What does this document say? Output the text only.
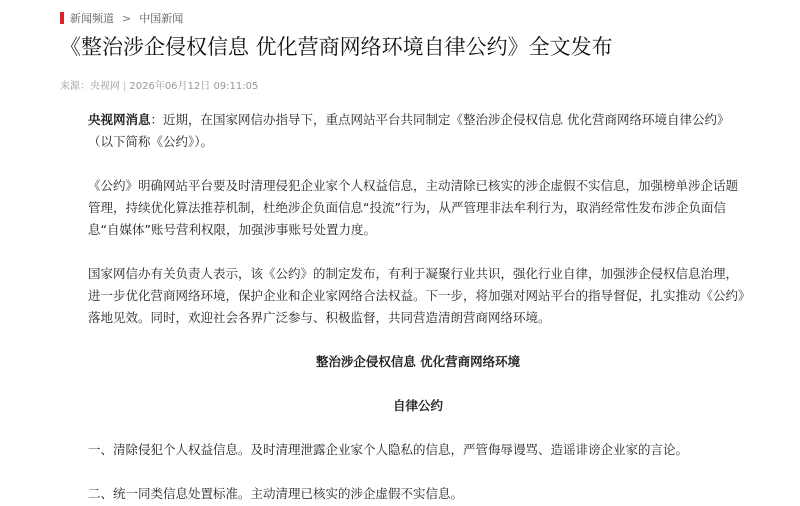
新闻频道 > 中国新闻
《整治涉企侵权信息 优化营商网络环境自律公约》全文发布
来源：央视网 | 2026年06月12日 09:11:05

央视网消息：近期，在国家网信办指导下，重点网站平台共同制定《整治涉企侵权信息 优化营商网络环境自律公约》（以下简称《公约》）。

《公约》明确网站平台要及时清理侵犯企业家个人权益信息，主动清除已核实的涉企虚假不实信息，加强榜单涉企话题管理，持续优化算法推荐机制，杜绝涉企负面信息“投流”行为，从严管理非法牟利行为，取消经常性发布涉企负面信息“自媒体”账号营利权限，加强涉事账号处置力度。

国家网信办有关负责人表示，该《公约》的制定发布，有利于凝聚行业共识，强化行业自律，加强涉企侵权信息治理，进一步优化营商网络环境，保护企业和企业家网络合法权益。下一步，将加强对网站平台的指导督促，扎实推动《公约》落地见效。同时，欢迎社会各界广泛参与、积极监督，共同营造清朗营商网络环境。

整治涉企侵权信息 优化营商网络环境

自律公约

一、清除侵犯个人权益信息。及时清理泄露企业家个人隐私的信息，严管侮辱谩骂、造谣诽谤企业家的言论。

二、统一同类信息处置标准。主动清理已核实的涉企虚假不实信息。
